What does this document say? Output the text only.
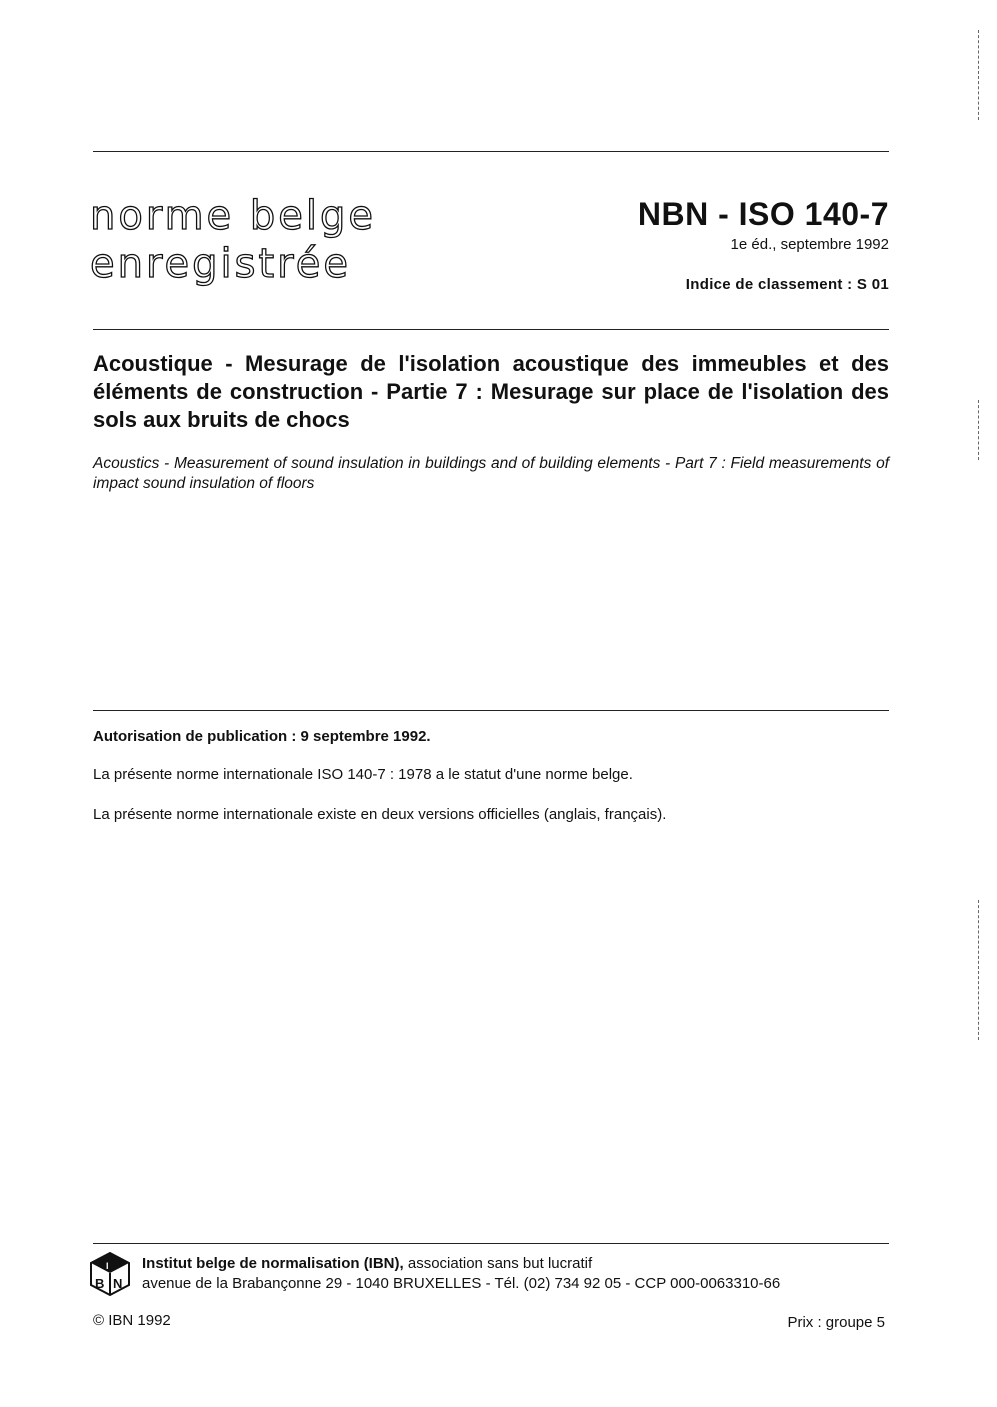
norme belge
enregistrée
NBN - ISO 140-7
1e éd., septembre 1992
Indice de classement : S 01
Acoustique - Mesurage de l'isolation acoustique des immeubles et des éléments de construction - Partie 7 : Mesurage sur place de l'isolation des sols aux bruits de chocs
Acoustics - Measurement of sound insulation in buildings and of building elements - Part 7 : Field measurements of impact sound insulation of floors
Autorisation de publication : 9 septembre 1992.
La présente norme internationale ISO 140-7 : 1978 a le statut d'une norme belge.
La présente norme internationale existe en deux versions officielles (anglais, français).
B N
I Institut belge de normalisation (IBN), association sans but lucratif
avenue de la Brabançonne 29 - 1040 BRUXELLES - Tél. (02) 734 92 05 - CCP 000-0063310-66
© IBN 1992	Prix : groupe 5
